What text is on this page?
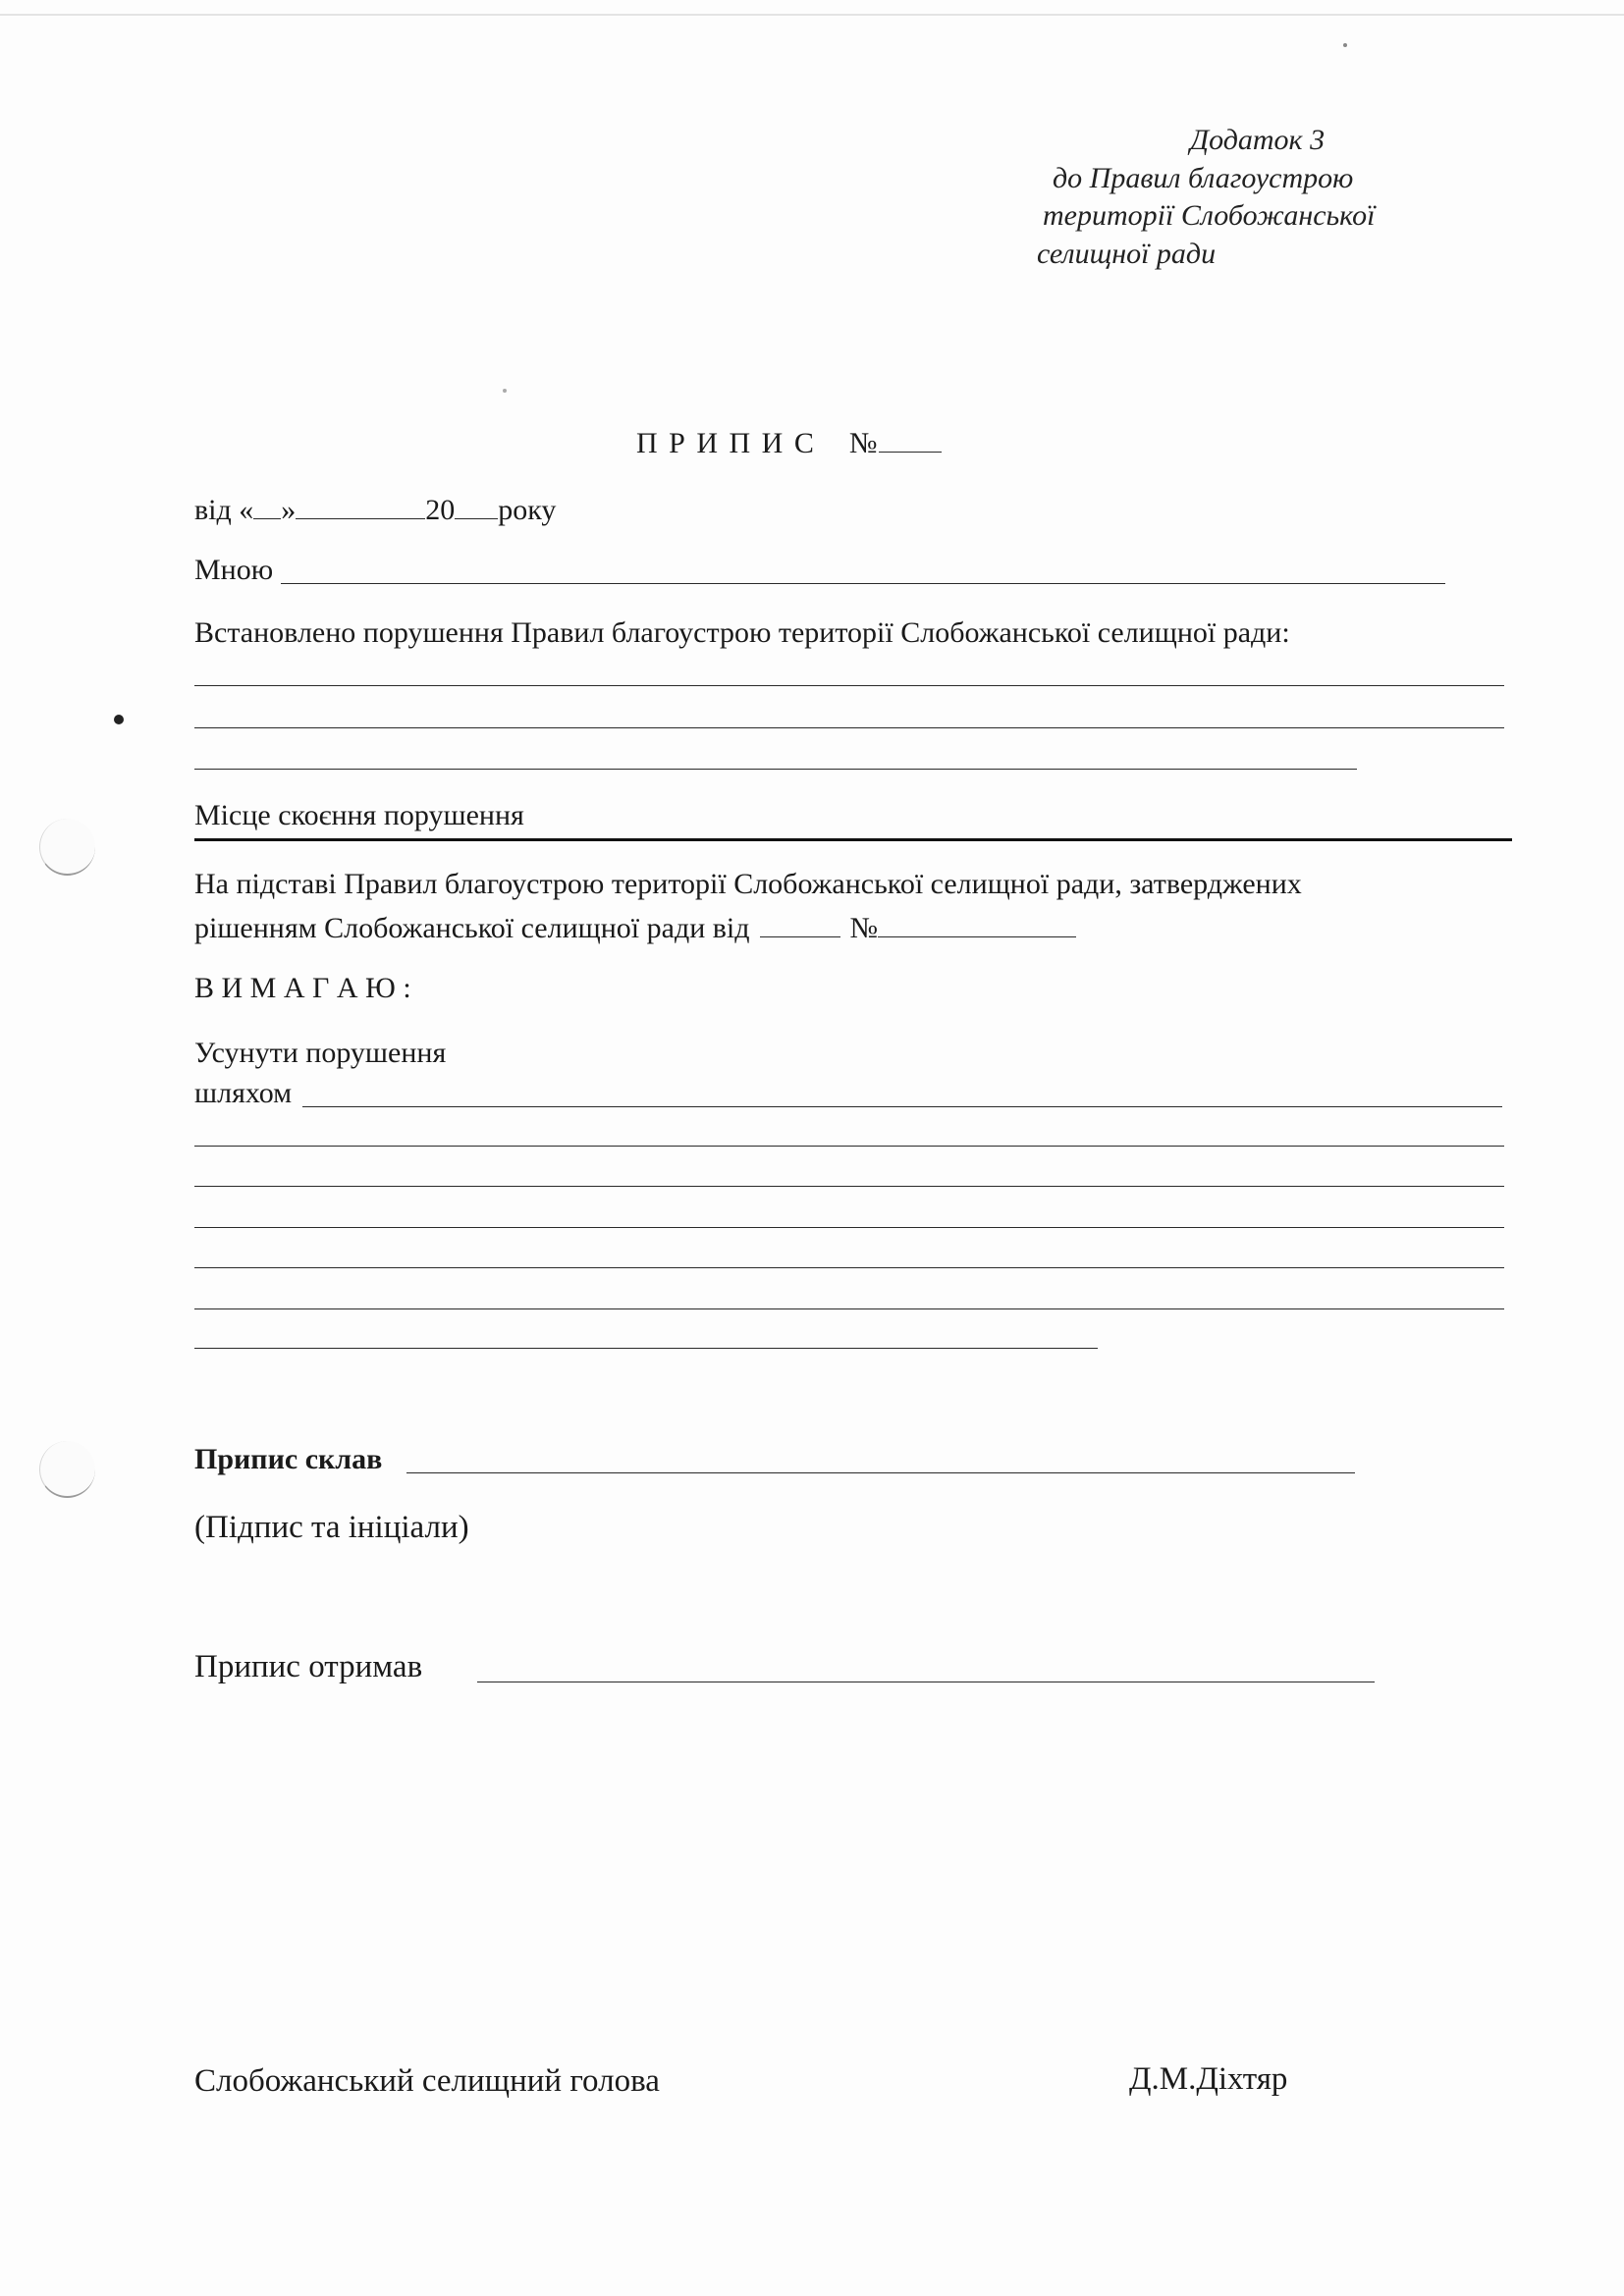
Додаток 3
до Правил благоустрою
території Слобожанської
селищної ради
П Р И П И С №
від « »	20 року
Мною
Встановлено порушення Правил благоустрою території Слобожанської селищної ради:
Місце скоєння порушення
На підставі Правил благоустрою території Слобожанської селищної ради, затверджених
рішенням Слобожанської селищної ради від	№
В И М А Г А Ю :
Усунути порушення
шляхом
Припис склав
(Підпис та ініціали)
Припис отримав
Слобожанський селищний голова	Д.М.Діхтяр
